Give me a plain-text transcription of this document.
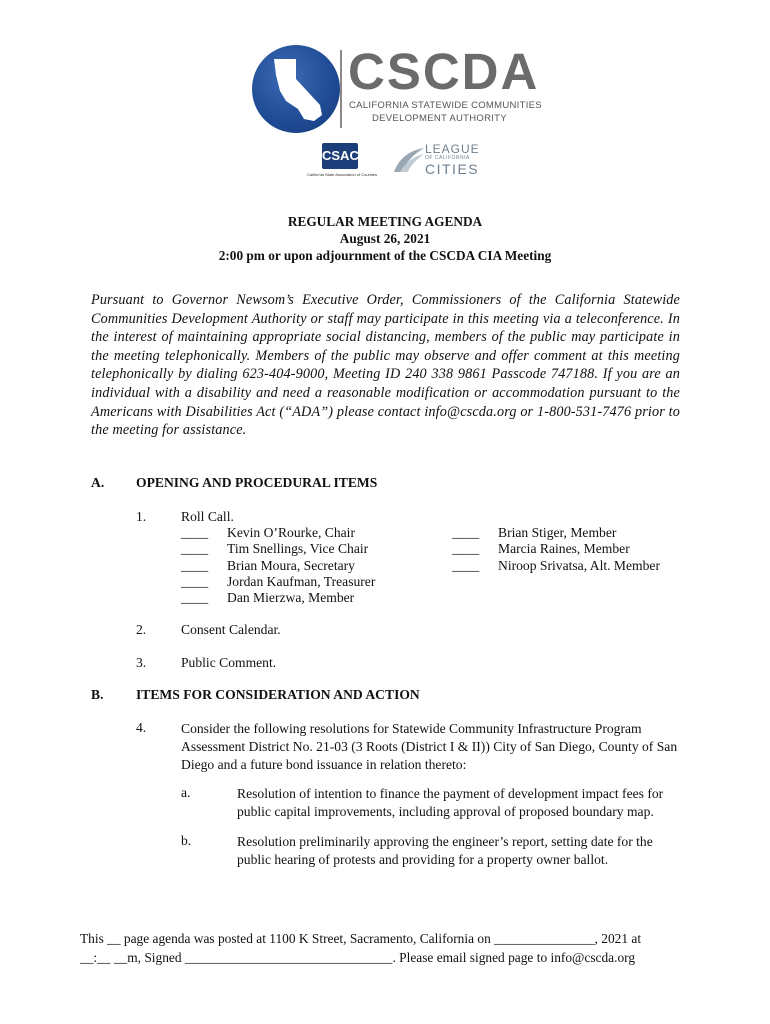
CSCDA
CALIFORNIA STATEWIDE COMMUNITIES
DEVELOPMENT AUTHORITY
CSAC
California State Association of Counties
LEAGUE
OF CALIFORNIA
CITIES
REGULAR MEETING AGENDA
August 26, 2021
2:00 pm or upon adjournment of the CSCDA CIA Meeting
Pursuant to Governor Newsom’s Executive Order, Commissioners of the California Statewide Communities Development Authority or staff may participate in this meeting via a teleconference. In the interest of maintaining appropriate social distancing, members of the public may participate in the meeting telephonically. Members of the public may observe and offer comment at this meeting telephonically by dialing 623-404-9000, Meeting ID 240 338 9861 Passcode 747188. If you are an individual with a disability and need a reasonable modification or accommodation pursuant to the Americans with Disabilities Act (“ADA”) please contact info@cscda.org or 1-800-531-7476 prior to the meeting for assistance.
A. OPENING AND PROCEDURAL ITEMS
1.	Roll Call.
____ Kevin O’Rourke, Chair
____ Tim Snellings, Vice Chair
____ Brian Moura, Secretary
____ Jordan Kaufman, Treasurer
____ Dan Mierzwa, Member
____ Brian Stiger, Member
____ Marcia Raines, Member
____ Niroop Srivatsa, Alt. Member
2.	Consent Calendar.
3.	Public Comment.
B. ITEMS FOR CONSIDERATION AND ACTION
4.	Consider the following resolutions for Statewide Community Infrastructure Program Assessment District No. 21-03 (3 Roots (District I & II)) City of San Diego, County of San Diego and a future bond issuance in relation thereto:
a.	Resolution of intention to finance the payment of development impact fees for public capital improvements, including approval of proposed boundary map.
b.	Resolution preliminarily approving the engineer’s report, setting date for the public hearing of protests and providing for a property owner ballot.
This __ page agenda was posted at 1100 K Street, Sacramento, California on _______________, 2021 at
__:__ __m, Signed _______________________________. Please email signed page to info@cscda.org
